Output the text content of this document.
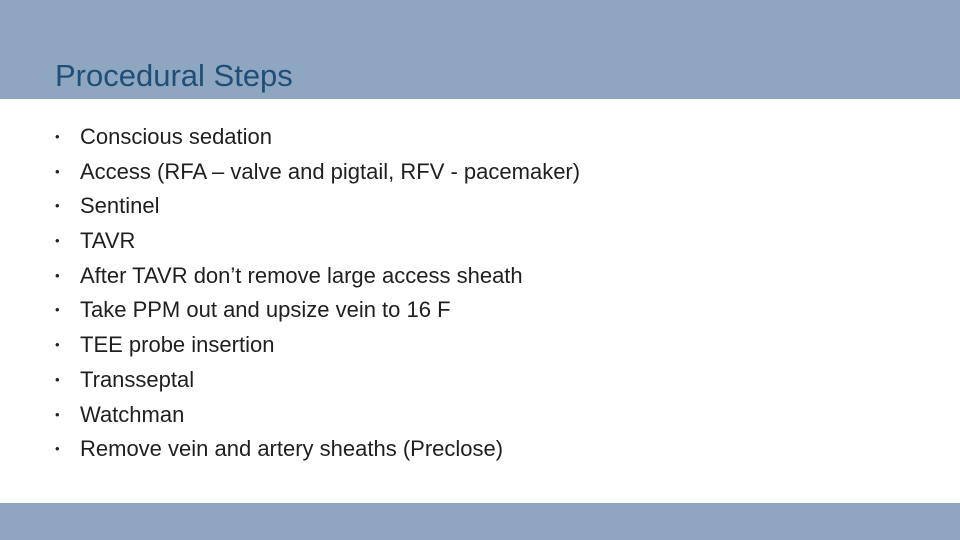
Procedural Steps
• Conscious sedation
• Access (RFA – valve and pigtail, RFV - pacemaker)
• Sentinel
• TAVR
• After TAVR don’t remove large access sheath
• Take PPM out and upsize vein to 16 F
• TEE probe insertion
• Transseptal
• Watchman
• Remove vein and artery sheaths (Preclose)
